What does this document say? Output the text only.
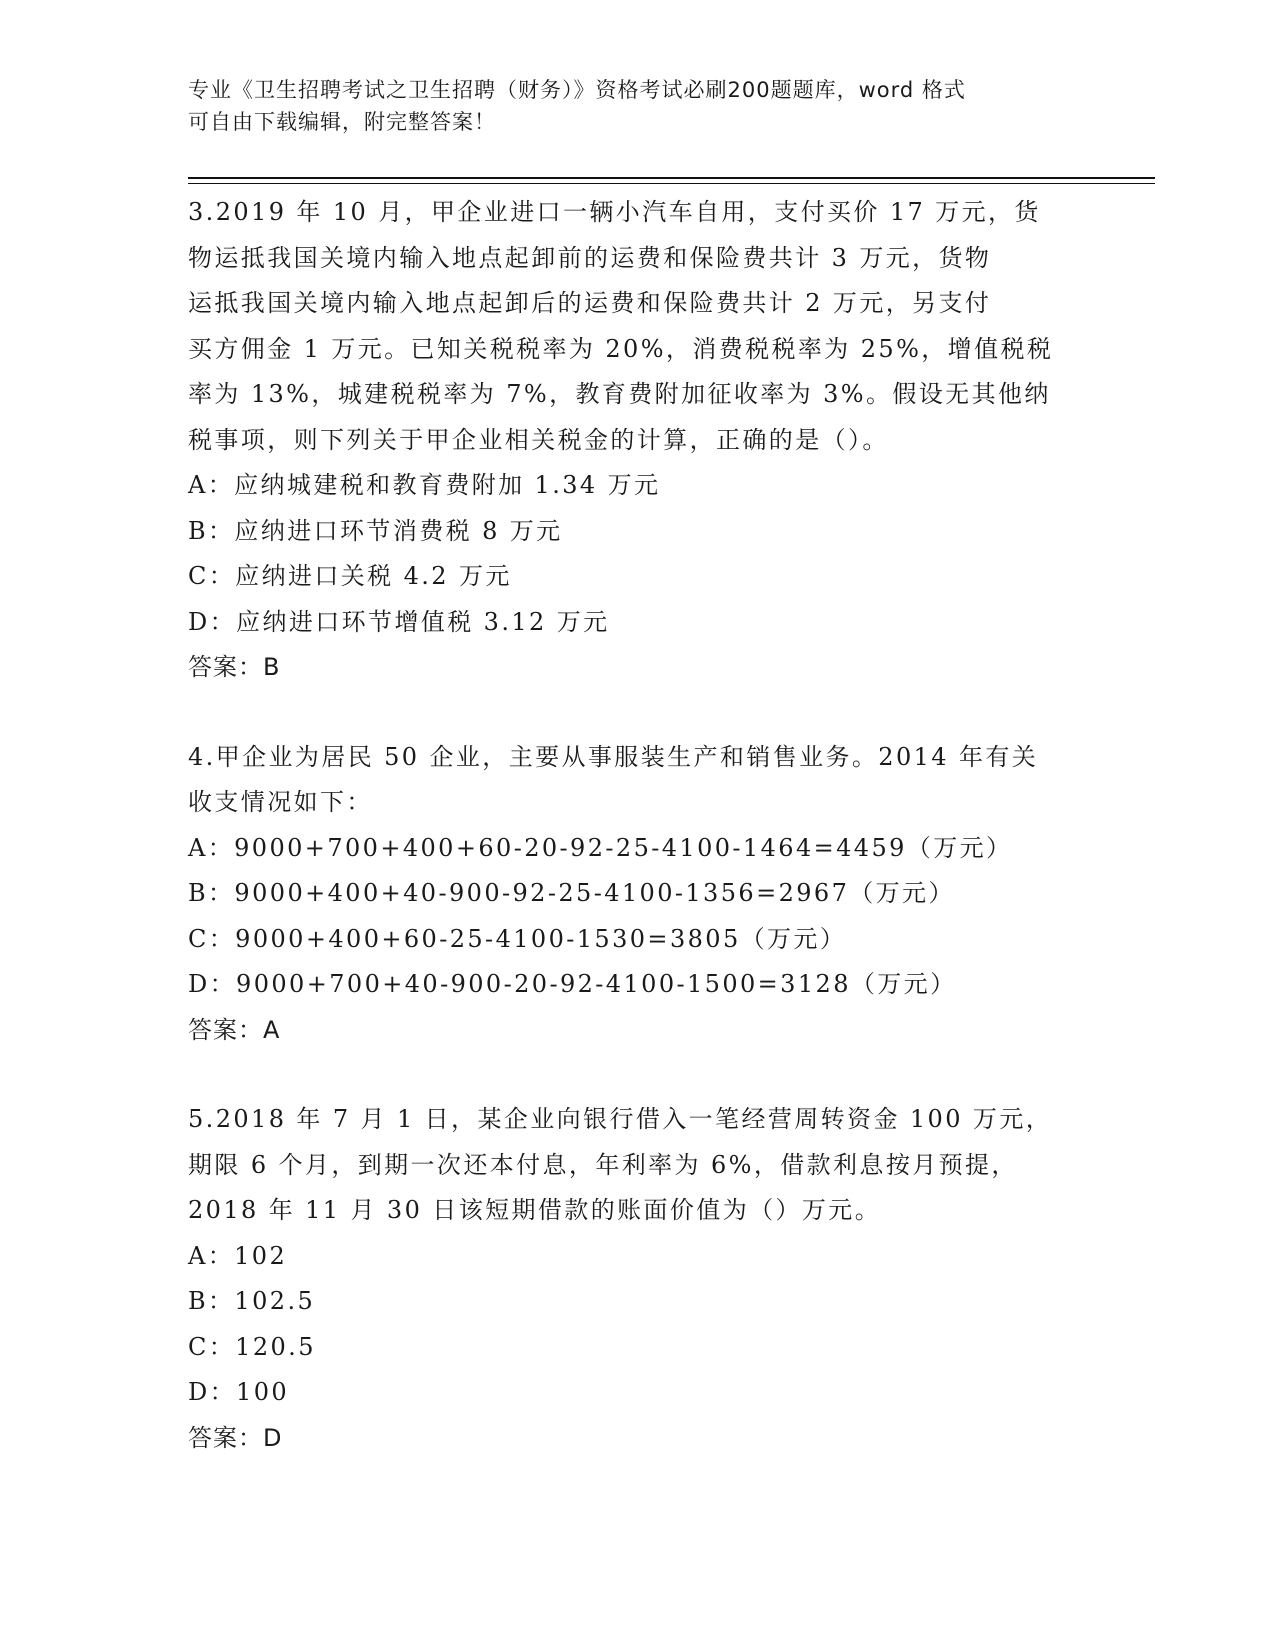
专业《卫生招聘考试之卫生招聘（财务）》资格考试必刷200题题库，word 格式
可自由下载编辑，附完整答案！
3.2019 年 10 月，甲企业进口一辆小汽车自用，支付买价 17 万元，货
物运抵我国关境内输入地点起卸前的运费和保险费共计 3 万元，货物
运抵我国关境内输入地点起卸后的运费和保险费共计 2 万元，另支付
买方佣金 1 万元。已知关税税率为 20%，消费税税率为 25%，增值税税
率为 13%，城建税税率为 7%，教育费附加征收率为 3%。假设无其他纳
税事项，则下列关于甲企业相关税金的计算，正确的是（）。
A：应纳城建税和教育费附加 1.34 万元
B：应纳进口环节消费税 8 万元
C：应纳进口关税 4.2 万元
D：应纳进口环节增值税 3.12 万元
答案：B
4.甲企业为居民 50 企业，主要从事服装生产和销售业务。2014 年有关
收支情况如下：
A：9000+700+400+60-20-92-25-4100-1464=4459（万元）
B：9000+400+40-900-92-25-4100-1356=2967（万元）
C：9000+400+60-25-4100-1530=3805（万元）
D：9000+700+40-900-20-92-4100-1500=3128（万元）
答案：A
5.2018 年 7 月 1 日，某企业向银行借入一笔经营周转资金 100 万元，
期限 6 个月，到期一次还本付息，年利率为 6%，借款利息按月预提，
2018 年 11 月 30 日该短期借款的账面价值为（）万元。
A：102
B：102.5
C：120.5
D：100
答案：D
